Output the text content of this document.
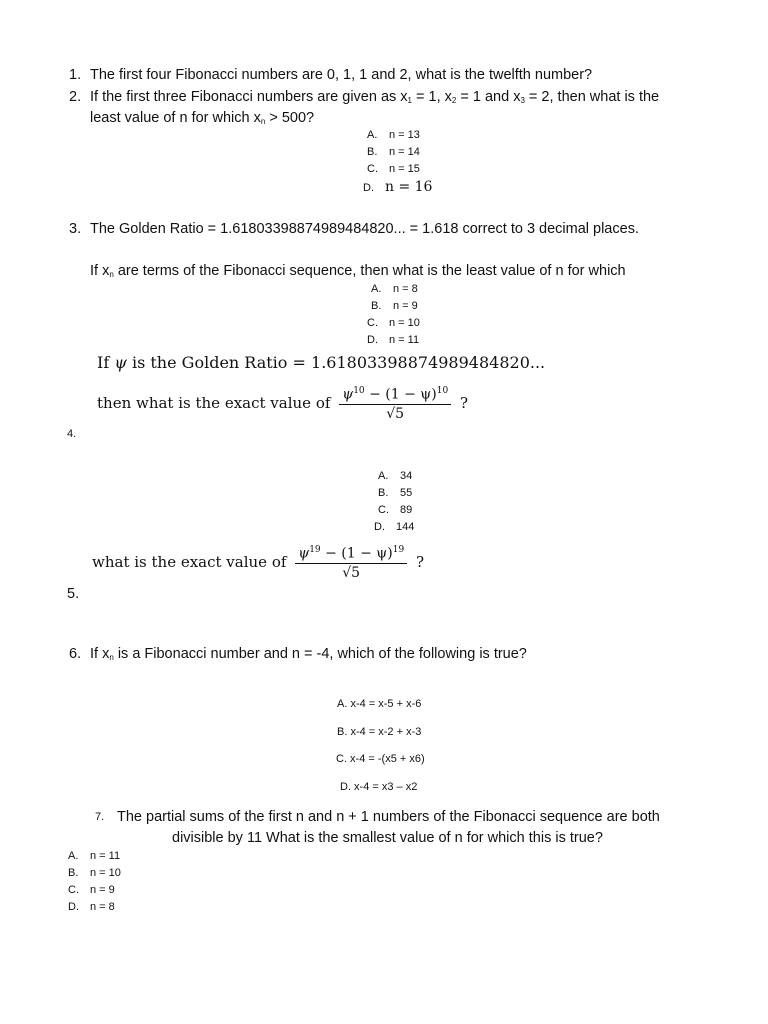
1. The first four Fibonacci numbers are 0, 1, 1 and 2, what is the twelfth number?
2. If the first three Fibonacci numbers are given as $x_1 = 1$, $x_2 = 1$ and $x_3 = 2$, then what is the
least value of n for which $x_n > 500$?
A. n = 13
B. n = 14
C. n = 15
D. n = 16
3. The Golden Ratio = 1.61803398874989484820... = 1.618 correct to 3 decimal places.
If $x_n$ are terms of the Fibonacci sequence, then what is the least value of n for which
A. n = 8
B. n = 9
C. n = 10
D. n = 11
If ψ is the Golden Ratio = 1.61803398874989484820...
then what is the exact value of $\frac{\psi^{10} - (1 - \psi)^{10}}{√5}$ ?
4.
A. 34
B. 55
C. 89
D. 144
what is the exact value of $\frac{\psi^{19} - (1 - \psi)^{19}}{√5}$ ?
5.
6. If $x_n$ is a Fibonacci number and n = -4, which of the following is true?
A. x-4 = x-5 + x-6
B. x-4 = x-2 + x-3
C. x-4 = -(x5 + x6)
D. x-4 = x3 – x2
7. The partial sums of the first n and n + 1 numbers of the Fibonacci sequence are both
divisible by 11 What is the smallest value of n for which this is true?
A. n = 11
B. n = 10
C. n = 9
D. n = 8
